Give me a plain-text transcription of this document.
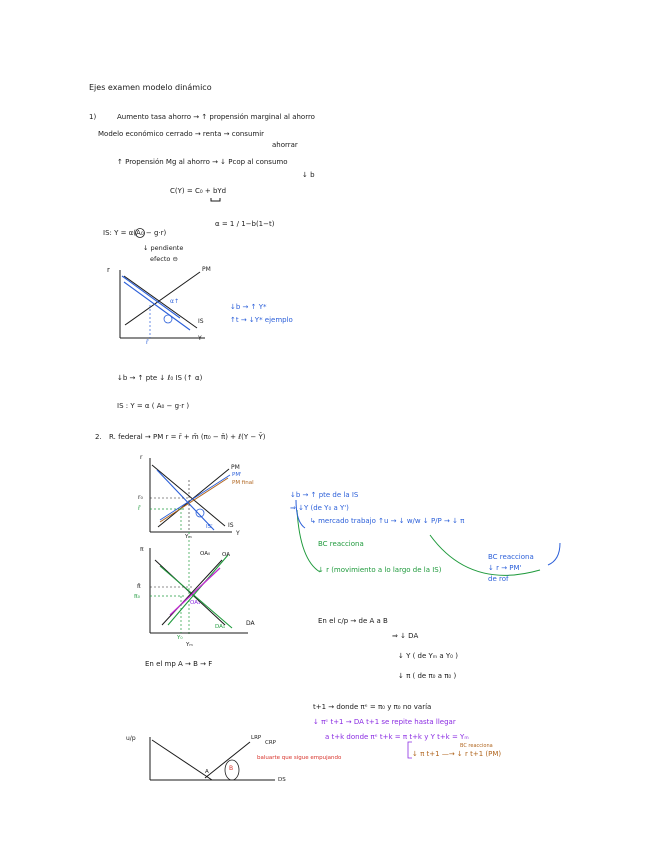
Ejes examen modelo dinámico
1)	Aumento tasa ahorro → ↑ propensión marginal al ahorro
Modelo económico cerrado → renta → consumir
ahorrar
↑ Propensión Mg al ahorro → ↓ Pcop al consumo
↓ b
C(Y) = C₀ + bYd
IS: Y = α(A₀ − g·r)
α = 1 / 1−b(1−t)
↓ pendiente
efecto ⊖
r	PM
IS
Y
r̄
α↑
↓b → ↑ Y*
↑t → ↓Y* ejemplo
↓b → ↑ pte ↓ ℓ₀ IS (↑ α)
IS : Y = α ( A₀ − g·r )
2. R. federal → PM r = r̄ + m̄ (π₀ − π̄) + ℓ(Y − Ȳ)
r
PM
PM'
PM final
IS
IS'
r₀
r̄
Y
Yₘ
π
OA
OA₀
OA₁
π̄
π₀
Y₀
Yₘ
DA
DA₁
En el mp A → B → F
↓b → ↑ pte de la IS
⇒ ↓Y (de Y₀ a Y')
↳ mercado trabajo ↑u → ↓ w/w ↓ P/P → ↓ π
BC reacciona
↓ r (movimiento a lo largo de la IS)
BC reacciona
↓ r → PM'
de rof
En el c/p → de A a B
⇒ ↓ DA
↓ Y ( de Yₘ a Y₀ )
↓ π ( de π₀ a π₀ )
t+1 → donde πᵉ = π₀ y π₀ no varía
↓ πᵉ t+1 → DA t+1 se repite hasta llegar
a t+k donde πᵉ t+k = π t+k y Y t+k = Yₘ
↓ π t+1 —→ ↓ r t+1 (PM)
BC reacciona
u/p	LRP
CRP
DS
A	B
baluarte que sigue empujando
